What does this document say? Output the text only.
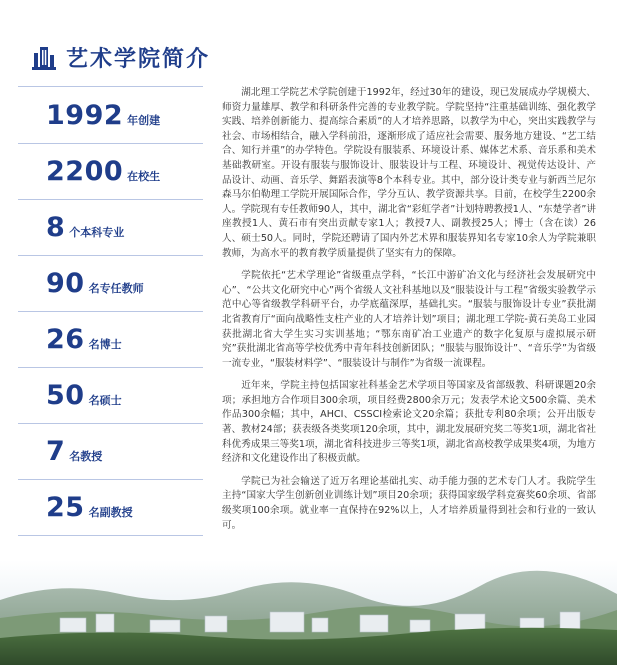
艺术学院简介
1992 年创建
2200 在校生
8 个本科专业
90 名专任教师
26 名博士
50 名硕士
7 名教授
25 名副教授

湖北理工学院艺术学院创建于1992年，经过30年的建设，现已发展成办学规模大、师资力量雄厚、教学和科研条件完善的专业教学院。学院坚持“注重基础训练、强化教学实践、培养创新能力、提高综合素质”的人才培养思路，以教学为中心，突出实践教学与社会、市场相结合，融入学科前沿，逐渐形成了适应社会需要、服务地方建设、“艺工结合、知行并重”的办学特色。学院设有服装系、环境设计系、媒体艺术系、音乐系和美术基础教研室。开设有服装与服饰设计、服装设计与工程、环境设计、视觉传达设计、产品设计、动画、音乐学、舞蹈表演等8个本科专业。其中，部分设计类专业与新西兰尼尔森马尔伯勒理工学院开展国际合作，学分互认、教学资源共享。目前，在校学生2200余人。学院现有专任教师90人，其中，湖北省“彩虹学者”计划特聘教授1人、“东楚学者”讲座教授1人、黄石市有突出贡献专家1人；教授7人、副教授25人；博士（含在读）26人、硕士50人。同时，学院还聘请了国内外艺术界和服装界知名专家10余人为学院兼职教师，为高水平的教育教学质量提供了坚实有力的保障。

学院依托“艺术学理论”省级重点学科，“长江中游矿冶文化与经济社会发展研究中心”、“公共文化研究中心”两个省级人文社科基地以及“服装设计与工程”省级实验教学示范中心等省级教学科研平台，办学底蕴深厚，基础扎实。“服装与服饰设计专业”获批湖北省教育厅“面向战略性支柱产业的人才培养计划”项目；湖北理工学院-黄石美岛工业园获批湖北省大学生实习实训基地；“鄂东南矿冶工业遗产的数字化复原与虚拟展示研究”获批湖北省高等学校优秀中青年科技创新团队；“服装与服饰设计”、“音乐学”为省级一流专业，“服装材料学”、“服装设计与制作”为省级一流课程。

近年来，学院主持包括国家社科基金艺术学项目等国家及省部级教、科研课题20余项；承担地方合作项目300余项，项目经费2800余万元；发表学术论文500余篇、美术作品300余幅；其中，AHCI、CSSCI检索论文20余篇；获批专利80余项；公开出版专著、教材24部；获表级各类奖项120余项，其中，湖北发展研究奖二等奖1项，湖北省社科优秀成果三等奖1项，湖北省科技进步三等奖1项，湖北省高校教学成果奖4项，为地方经济和文化建设作出了积极贡献。

学院已为社会输送了近万名理论基础扎实、动手能力强的艺术专门人才。我院学生主持“国家大学生创新创业训练计划”项目20余项；获得国家级学科竞赛奖60余项、省部级奖项100余项。就业率一直保持在92%以上，人才培养质量得到社会和行业的一致认可。
